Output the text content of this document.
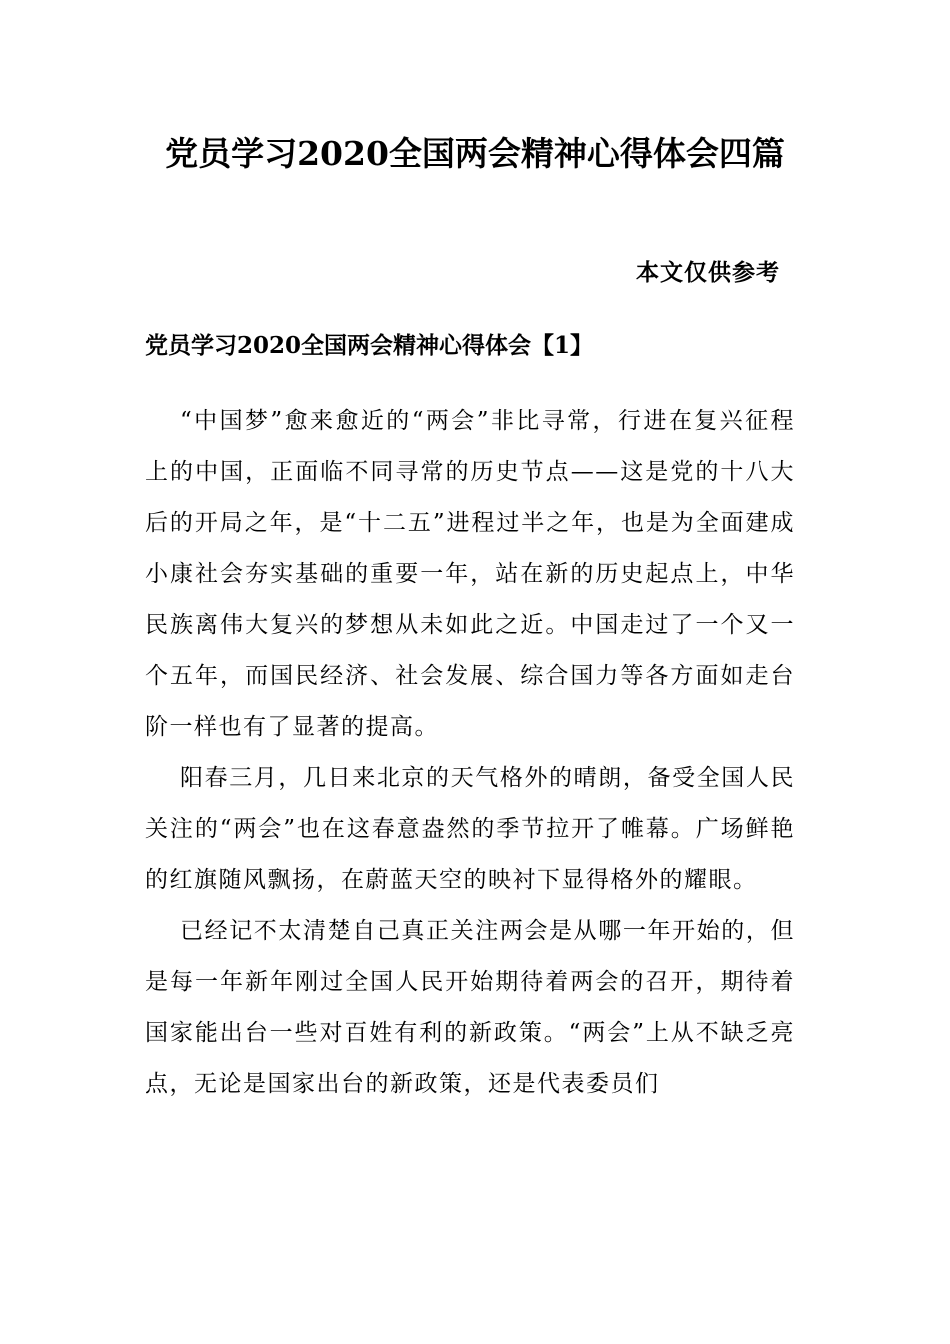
党员学习2020全国两会精神心得体会四篇
本文仅供参考
党员学习2020全国两会精神心得体会【1】

“中国梦”愈来愈近的“两会”非比寻常，行进在复兴征程上的中国，正面临不同寻常的历史节点——这是党的十八大后的开局之年，是“十二五”进程过半之年，也是为全面建成小康社会夯实基础的重要一年，站在新的历史起点上，中华民族离伟大复兴的梦想从未如此之近。中国走过了一个又一个五年，而国民经济、社会发展、综合国力等各方面如走台阶一样也有了显著的提高。

阳春三月，几日来北京的天气格外的晴朗，备受全国人民关注的“两会”也在这春意盎然的季节拉开了帷幕。广场鲜艳的红旗随风飘扬，在蔚蓝天空的映衬下显得格外的耀眼。

已经记不太清楚自己真正关注两会是从哪一年开始的，但是每一年新年刚过全国人民开始期待着两会的召开，期待着国家能出台一些对百姓有利的新政策。“两会”上从不缺乏亮点，无论是国家出台的新政策，还是代表委员们
